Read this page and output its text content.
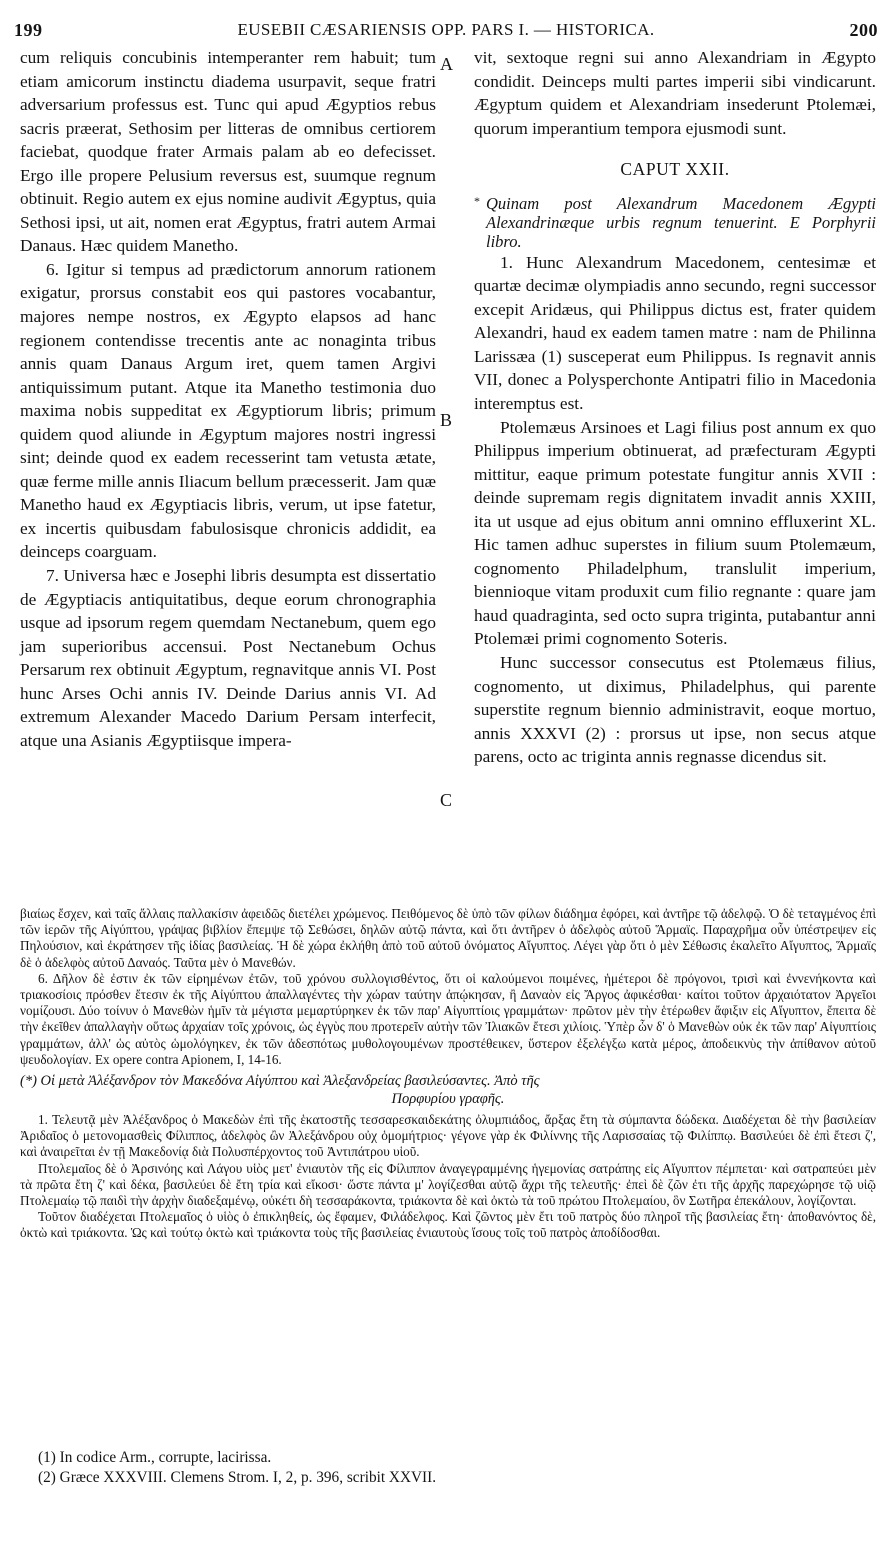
199	EUSEBII CÆSARIENSIS OPP. PARS I. — HISTORICA.	200

cum reliquis concubinis intemperanter rem habuit; tum etiam amicorum instinctu diadema usurpavit, seque fratri adversarium professus est. Tunc qui apud Ægyptios rebus sacris præerat, Sethosim per litteras de omnibus certiorem faciebat, quodque frater Armais palam ab eo defecisset. Ergo ille propere Pelusium reversus est, suumque regnum obtinuit. Regio autem ex ejus nomine audivit Ægyptus, quia Sethosi ipsi, ut ait, nomen erat Ægyptus, fratri autem Armai Danaus. Hæc quidem Manetho.

6. Igitur si tempus ad prædictorum annorum rationem exigatur, prorsus constabit eos qui pastores vocabantur, majores nempe nostros, ex Ægypto elapsos ad hanc regionem contendisse trecentis ante ac nonaginta tribus annis quam Danaus Argum iret, quem tamen Argivi antiquissimum putant. Atque ita Manetho testimonia duo maxima nobis suppeditat ex Ægyptiorum libris; primum quidem quod aliunde in Ægyptum majores nostri ingressi sint; deinde quod ex eadem recesserint tam vetusta ætate, quæ ferme mille annis Iliacum bellum præcesserit. Jam quæ Manetho haud ex Ægyptiacis libris, verum, ut ipse fatetur, ex incertis quibusdam fabulosisque chronicis addidit, ea deinceps coarguam.

7. Universa hæc e Josephi libris desumpta est dissertatio de Ægyptiacis antiquitatibus, deque eorum chronographia usque ad ipsorum regem quemdam Nectanebum, quem ego jam superioribus accensui. Post Nectanebum Ochus Persarum rex obtinuit Ægyptum, regnavitque annis VI. Post hunc Arses Ochi annis IV. Deinde Darius annis VI. Ad extremum Alexander Macedo Darium Persam interfecit, atque una Asianis Ægyptiisque impera-

A
B
C

vit, sextoque regni sui anno Alexandriam in Ægypto condidit. Deinceps multi partes imperii sibi vindicarunt. Ægyptum quidem et Alexandriam insederunt Ptolemæi, quorum imperantium tempora ejusmodi sunt.

CAPUT XXII.

* Quinam post Alexandrum Macedonem Ægypti Alexandrinæque urbis regnum tenuerint. E Porphyrii libro.

1. Hunc Alexandrum Macedonem, centesimæ et quartæ decimæ olympiadis anno secundo, regni successor excepit Aridæus, qui Philippus dictus est, frater quidem Alexandri, haud ex eadem tamen matre : nam de Philinna Larissæa (1) susceperat eum Philippus. Is regnavit annis VII, donec a Polysperchonte Antipatri filio in Macedonia interemptus est.

Ptolemæus Arsinoes et Lagi filius post annum ex quo Philippus imperium obtinuerat, ad præfecturam Ægypti mittitur, eaque primum potestate fungitur annis XVII : deinde supremam regis dignitatem invadit annis XXIII, ita ut usque ad ejus obitum anni omnino effluxerint XL. Hic tamen adhuc superstes in filium suum Ptolemæum, cognomento Philadelphum, translulit imperium, biennioque vitam produxit cum filio regnante : quare jam haud quadraginta, sed octo supra triginta, putabantur anni Ptolemæi primi cognomento Soteris.

Hunc successor consecutus est Ptolemæus filius, cognomento, ut diximus, Philadelphus, qui parente superstite regnum biennio administravit, eoque mortuo, annis XXXVI (2) : prorsus ut ipse, non secus atque parens, octo ac triginta annis regnasse dicendus sit.

βιαίως ἔσχεν, καὶ ταῖς ἄλλαις παλλακίσιν ἀφειδῶς διετέλει χρώμενος. Πειθόμενος δὲ ὑπὸ τῶν φίλων διάδημα ἐφόρει, καὶ ἀντῆρε τῷ ἀδελφῷ. Ὁ δὲ τεταγμένος ἐπὶ τῶν ἱερῶν τῆς Αἰγύπτου, γράψας βιβλίον ἔπεμψε τῷ Σεθώσει, δηλῶν αὐτῷ πάντα, καὶ ὅτι ἀντῆρεν ὁ ἀδελφὸς αὐτοῦ Ἅρμαϊς. Παραχρῆμα οὖν ὑπέστρεψεν εἰς Πηλούσιον, καὶ ἐκράτησεν τῆς ἰδίας βασιλείας. Ἡ δὲ χώρα ἐκλήθη ἀπὸ τοῦ αὐτοῦ ὀνόματος Αἴγυπτος. Λέγει γὰρ ὅτι ὁ μὲν Σέθωσις ἐκαλεῖτο Αἴγυπτος, Ἅρμαϊς δὲ ὁ ἀδελφὸς αὐτοῦ Δαναός. Ταῦτα μὲν ὁ Μανεθών.

6. Δῆλον δὲ ἐστιν ἐκ τῶν εἰρημένων ἐτῶν, τοῦ χρόνου συλλογισθέντος, ὅτι οἱ καλούμενοι ποιμένες, ἡμέτεροι δὲ πρόγονοι, τρισὶ καὶ ἐννενήκοντα καὶ τριακοσίοις πρόσθεν ἔτεσιν ἐκ τῆς Αἰγύπτου ἀπαλλαγέντες τὴν χώραν ταύτην ἀπῴκησαν, ἢ Δαναὸν εἰς Ἄργος ἀφικέσθαι· καίτοι τοῦτον ἀρχαιότατον Ἀργεῖοι νομίζουσι. Δύο τοίνυν ὁ Μανεθὼν ἡμῖν τὰ μέγιστα μεμαρτύρηκεν ἐκ τῶν παρ' Αἰγυπτίοις γραμμάτων· πρῶτον μὲν τὴν ἑτέρωθεν ἄφιξιν εἰς Αἴγυπτον, ἔπειτα δὲ τὴν ἐκεῖθεν ἀπαλλαγὴν οὕτως ἀρχαίαν τοῖς χρόνοις, ὡς ἐγγὺς που προτερεῖν αὐτὴν τῶν Ἰλιακῶν ἔτεσι χιλίοις. Ὑπὲρ ὧν δ' ὁ Μανεθὼν οὐκ ἐκ τῶν παρ' Αἰγυπτίοις γραμμάτων, ἀλλ' ὡς αὐτὸς ὡμολόγηκεν, ἐκ τῶν ἀδεσπότως μυθολογουμένων προστέθεικεν, ὕστερον ἐξελέγξω κατὰ μέρος, ἀποδεικνὺς τὴν ἀπίθανον αὐτοῦ ψευδολογίαν. Ex opere contra Apionem, I, 14-16.

(*) Οἱ μετὰ Ἀλέξανδρον τὸν Μακεδόνα Αἰγύπτου καὶ Ἀλεξανδρείας βασιλεύσαντες. Ἀπὸ τῆς
Πορφυρίου γραφῆς.

1. Τελευτᾷ μὲν Ἀλέξανδρος ὁ Μακεδὼν ἐπὶ τῆς ἑκατοστῆς τεσσαρεσκαιδεκάτης ὀλυμπιάδος, ἄρξας ἔτη τὰ σύμπαντα δώδεκα. Διαδέχεται δὲ τὴν βασιλείαν Ἀριδαῖος ὁ μετονομασθεὶς Φίλιππος, ἀδελφὸς ὢν Ἀλεξάνδρου οὐχ ὁμομήτριος· γέγονε γὰρ ἐκ Φιλίννης τῆς Λαρισσαίας τῷ Φιλίππῳ. Βασιλεύει δὲ ἐπὶ ἔτεσι ζ', καὶ ἀναιρεῖται ἐν τῇ Μακεδονίᾳ διὰ Πολυσπέρχοντος τοῦ Ἀντιπάτρου υἱοῦ.

Πτολεμαῖος δὲ ὁ Ἀρσινόης καὶ Λάγου υἱὸς μετ' ἐνιαυτὸν τῆς εἰς Φίλιππον ἀναγεγραμμένης ἡγεμονίας σατράπης εἰς Αἴγυπτον πέμπεται· καὶ σατραπεύει μὲν τὰ πρῶτα ἔτη ζ' καὶ δέκα, βασιλεύει δὲ ἔτη τρία καὶ εἴκοσι· ὥστε πάντα μ' λογίζεσθαι αὐτῷ ἄχρι τῆς τελευτῆς· ἐπεὶ δὲ ζῶν ἐτι τῆς ἀρχῆς παρεχώρησε τῷ υἱῷ Πτολεμαίῳ τῷ παιδὶ τὴν ἀρχὴν διαδεξαμένῳ, οὐκέτι δὴ τεσσαράκοντα, τριάκοντα δὲ καὶ ὀκτὼ τὰ τοῦ πρώτου Πτολεμαίου, ὃν Σωτῆρα ἐπεκάλουν, λογίζονται.

Τοῦτον διαδέχεται Πτολεμαῖος ὁ υἱὸς ὁ ἐπικληθείς, ὡς ἔφαμεν, Φιλάδελφος. Καὶ ζῶντος μὲν ἔτι τοῦ πατρὸς δύο πληροῖ τῆς βασιλείας ἔτη· ἀποθανόντος δὲ, ὀκτὼ καὶ τριάκοντα. Ὡς καὶ τούτῳ ὀκτὼ καὶ τριάκοντα τοὺς τῆς βασιλείας ἐνιαυτοὺς ἴσους τοῖς τοῦ πατρὸς ἀποδίδοσθαι.

(1) In codice Arm., corrupte, lacirissa.

(2) Græce XXXVIII. Clemens Strom. I, 2, p. 396, scribit XXVII.
